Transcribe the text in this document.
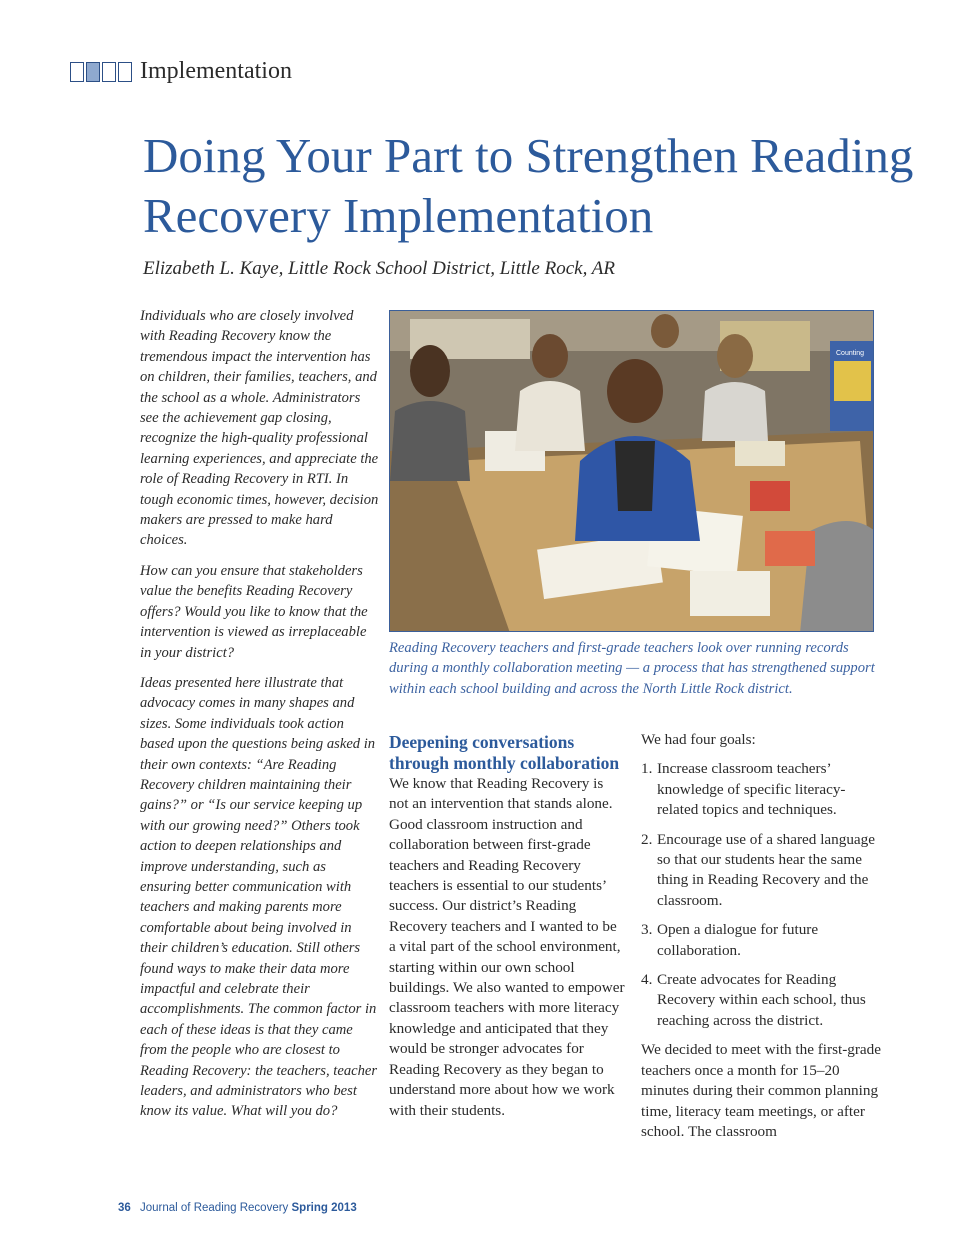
Implementation
Doing Your Part to Strengthen Reading Recovery Implementation

Elizabeth L. Kaye, Little Rock School District, Little Rock, AR

Individuals who are closely involved with Reading Recovery know the tremendous impact the intervention has on children, their families, teachers, and the school as a whole. Administrators see the achievement gap closing, recognize the high-quality professional learning experiences, and appreciate the role of Reading Recovery in RTI. In tough economic times, however, decision makers are pressed to make hard choices.

How can you ensure that stakeholders value the benefits Reading Recovery offers? Would you like to know that the intervention is viewed as irreplaceable in your district?

Ideas presented here illustrate that advocacy comes in many shapes and sizes. Some individuals took action based upon the questions being asked in their own contexts: “Are Reading Recovery children maintaining their gains?” or “Is our service keeping up with our growing need?” Others took action to deepen relationships and improve understanding, such as ensuring better communication with teachers and making parents more comfortable about being involved in their children’s education. Still others found ways to make their data more impactful and celebrate their accomplishments. The common factor in each of these ideas is that they came from the people who are closest to Reading Recovery: the teachers, teacher leaders, and administrators who best know its value. What will you do?

Counting

Reading Recovery teachers and first-grade teachers look over running records during a monthly collaboration meeting — a process that has strengthened support within each school building and across the North Little Rock district.

Deepening conversations through monthly collaboration

We know that Reading Recovery is not an intervention that stands alone. Good classroom instruction and collaboration between first-grade teachers and Reading Recovery teachers is essential to our students’ success. Our district’s Reading Recovery teachers and I wanted to be a vital part of the school environment, starting within our own school buildings. We also wanted to empower classroom teachers with more literacy knowledge and anticipated that they would be stronger advocates for Reading Recovery as they began to understand more about how we work with their students.

We had four goals:

1. Increase classroom teachers’ knowledge of specific literacy-related topics and techniques.
2. Encourage use of a shared language so that our students hear the same thing in Reading Recovery and the classroom.
3. Open a dialogue for future collaboration.
4. Create advocates for Reading Recovery within each school, thus reaching across the district.

We decided to meet with the first-grade teachers once a month for 15–20 minutes during their common planning time, literacy team meetings, or after school. The classroom

36 Journal of Reading Recovery Spring 2013
